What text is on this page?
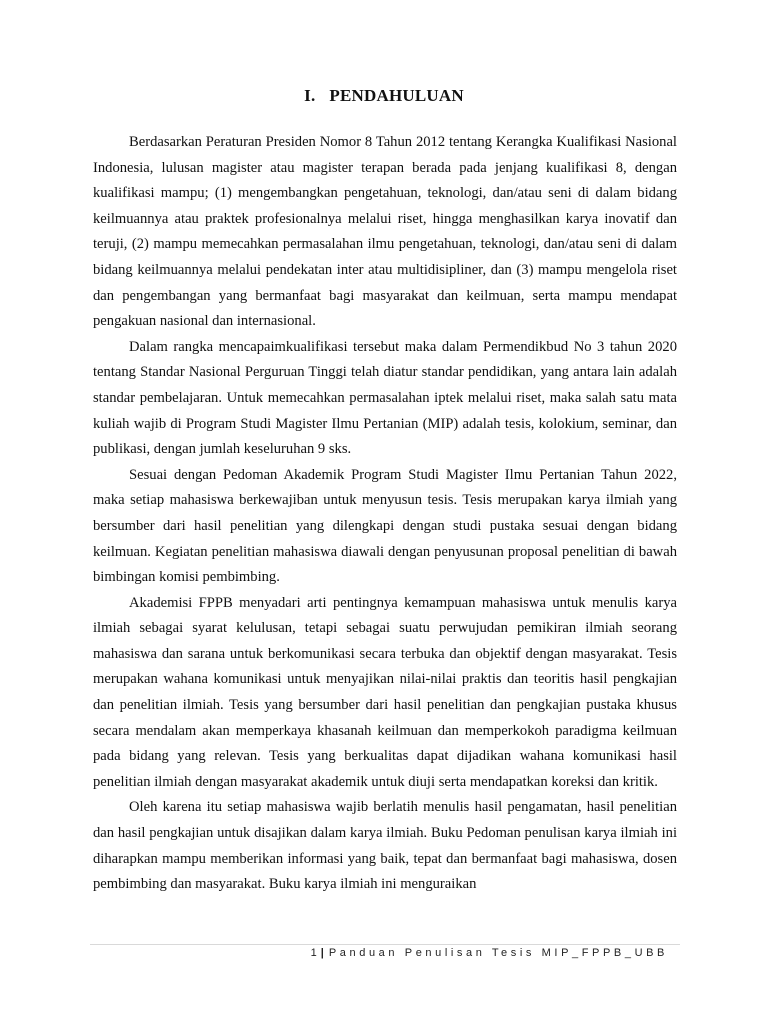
I. PENDAHULUAN

Berdasarkan Peraturan Presiden Nomor 8 Tahun 2012 tentang Kerangka Kualifikasi Nasional Indonesia, lulusan magister atau magister terapan berada pada jenjang kualifikasi 8, dengan kualifikasi mampu; (1) mengembangkan pengetahuan, teknologi, dan/atau seni di dalam bidang keilmuannya atau praktek profesionalnya melalui riset, hingga menghasilkan karya inovatif dan teruji, (2) mampu memecahkan permasalahan ilmu pengetahuan, teknologi, dan/atau seni di dalam bidang keilmuannya melalui pendekatan inter atau multidisipliner, dan (3) mampu mengelola riset dan pengembangan yang bermanfaat bagi masyarakat dan keilmuan, serta mampu mendapat pengakuan nasional dan internasional.

Dalam rangka mencapaimkualifikasi tersebut maka dalam Permendikbud No 3 tahun 2020 tentang Standar Nasional Perguruan Tinggi telah diatur standar pendidikan, yang antara lain adalah standar pembelajaran. Untuk memecahkan permasalahan iptek melalui riset, maka salah satu mata kuliah wajib di Program Studi Magister Ilmu Pertanian (MIP) adalah tesis, kolokium, seminar, dan publikasi, dengan jumlah keseluruhan 9 sks.

Sesuai dengan Pedoman Akademik Program Studi Magister Ilmu Pertanian Tahun 2022, maka setiap mahasiswa berkewajiban untuk menyusun tesis. Tesis merupakan karya ilmiah yang bersumber dari hasil penelitian yang dilengkapi dengan studi pustaka sesuai dengan bidang keilmuan. Kegiatan penelitian mahasiswa diawali dengan penyusunan proposal penelitian di bawah bimbingan komisi pembimbing.

Akademisi FPPB menyadari arti pentingnya kemampuan mahasiswa untuk menulis karya ilmiah sebagai syarat kelulusan, tetapi sebagai suatu perwujudan pemikiran ilmiah seorang mahasiswa dan sarana untuk berkomunikasi secara terbuka dan objektif dengan masyarakat. Tesis merupakan wahana komunikasi untuk menyajikan nilai-nilai praktis dan teoritis hasil pengkajian dan penelitian ilmiah. Tesis yang bersumber dari hasil penelitian dan pengkajian pustaka khusus secara mendalam akan memperkaya khasanah keilmuan dan memperkokoh paradigma keilmuan pada bidang yang relevan. Tesis yang berkualitas dapat dijadikan wahana komunikasi hasil penelitian ilmiah dengan masyarakat akademik untuk diuji serta mendapatkan koreksi dan kritik.

Oleh karena itu setiap mahasiswa wajib berlatih menulis hasil pengamatan, hasil penelitian dan hasil pengkajian untuk disajikan dalam karya ilmiah. Buku Pedoman penulisan karya ilmiah ini diharapkan mampu memberikan informasi yang baik, tepat dan bermanfaat bagi mahasiswa, dosen pembimbing dan masyarakat. Buku karya ilmiah ini menguraikan

1 | Panduan Penulisan Tesis MIP_FPPB_UBB
